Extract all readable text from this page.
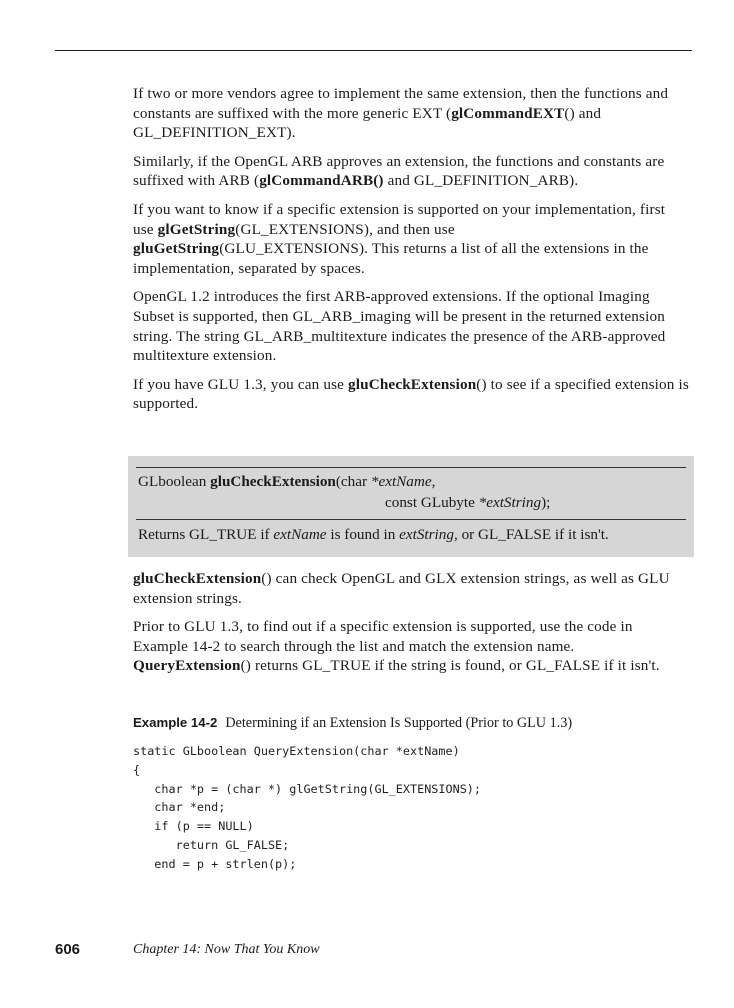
If two or more vendors agree to implement the same extension, then the functions and constants are suffixed with the more generic EXT (glCommandEXT() and GL_DEFINITION_EXT).

Similarly, if the OpenGL ARB approves an extension, the functions and constants are suffixed with ARB (glCommandARB() and GL_DEFINITION_ARB).

If you want to know if a specific extension is supported on your implementation, first use glGetString(GL_EXTENSIONS), and then use gluGetString(GLU_EXTENSIONS). This returns a list of all the extensions in the implementation, separated by spaces.

OpenGL 1.2 introduces the first ARB-approved extensions. If the optional Imaging Subset is supported, then GL_ARB_imaging will be present in the returned extension string. The string GL_ARB_multitexture indicates the presence of the ARB-approved multitexture extension.

If you have GLU 1.3, you can use gluCheckExtension() to see if a specified extension is supported.

GLboolean gluCheckExtension(char *extName,
const GLubyte *extString);
Returns GL_TRUE if extName is found in extString, or GL_FALSE if it isn't.

gluCheckExtension() can check OpenGL and GLX extension strings, as well as GLU extension strings.

Prior to GLU 1.3, to find out if a specific extension is supported, use the code in Example 14-2 to search through the list and match the extension name. QueryExtension() returns GL_TRUE if the string is found, or GL_FALSE if it isn't.

Example 14-2 Determining if an Extension Is Supported (Prior to GLU 1.3)
static GLboolean QueryExtension(char *extName)
{
char *p = (char *) glGetString(GL_EXTENSIONS);
char *end;
if (p == NULL)
return GL_FALSE;
end = p + strlen(p);
606	Chapter 14: Now That You Know
